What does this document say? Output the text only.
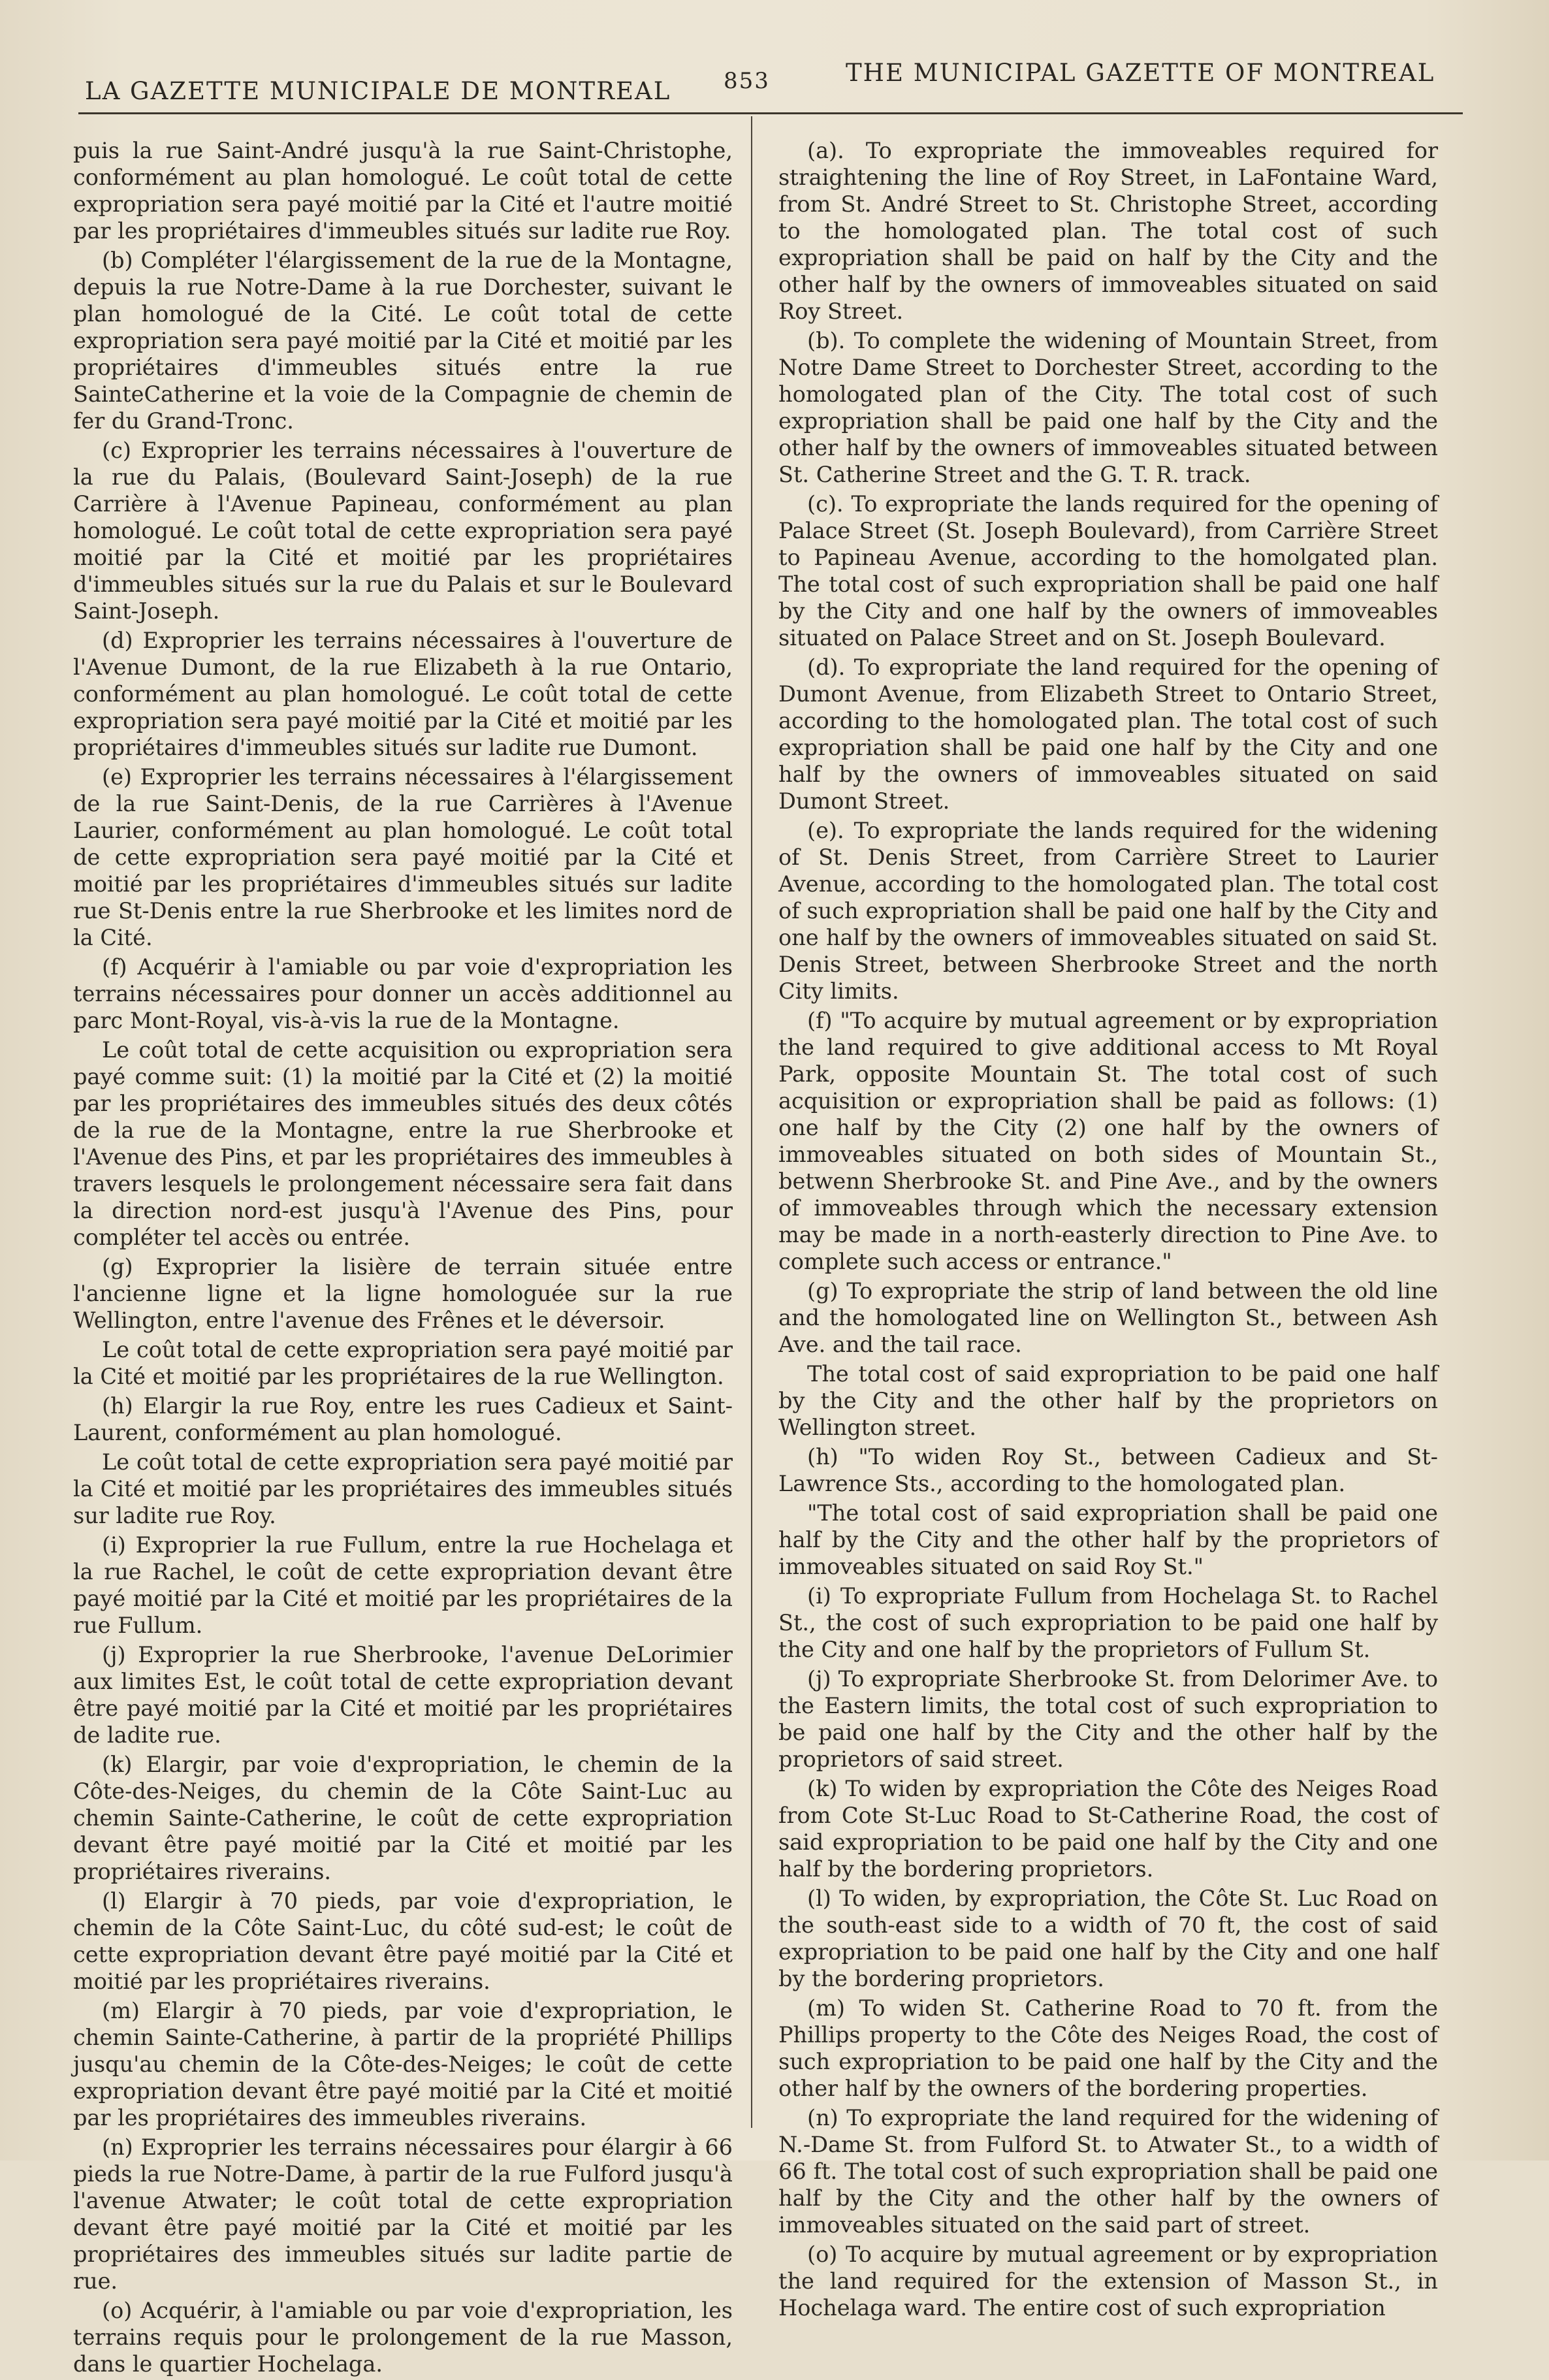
LA GAZETTE MUNICIPALE DE MONTREAL 853	THE MUNICIPAL GAZETTE OF MONTREAL

puis la rue Saint-André jusqu'à la rue Saint-Christophe, conformément au plan homologué. Le coût total de cette expropriation sera payé moitié par la Cité et l'autre moitié par les propriétaires d'immeubles situés sur ladite rue Roy.

(b) Compléter l'élargissement de la rue de la Montagne, depuis la rue Notre-Dame à la rue Dorchester, suivant le plan homologué de la Cité. Le coût total de cette expropriation sera payé moitié par la Cité et moitié par les propriétaires d'immeubles situés entre la rue SainteCatherine et la voie de la Compagnie de chemin de fer du Grand-Tronc.

(c) Exproprier les terrains nécessaires à l'ouverture de la rue du Palais, (Boulevard Saint-Joseph) de la rue Carrière à l'Avenue Papineau, conformément au plan homologué. Le coût total de cette expropriation sera payé moitié par la Cité et moitié par les propriétaires d'immeubles situés sur la rue du Palais et sur le Boulevard Saint-Joseph.

(d) Exproprier les terrains nécessaires à l'ouverture de l'Avenue Dumont, de la rue Elizabeth à la rue Ontario, conformément au plan homologué. Le coût total de cette expropriation sera payé moitié par la Cité et moitié par les propriétaires d'immeubles situés sur ladite rue Dumont.

(e) Exproprier les terrains nécessaires à l'élargissement de la rue Saint-Denis, de la rue Carrières à l'Avenue Laurier, conformément au plan homologué. Le coût total de cette expropriation sera payé moitié par la Cité et moitié par les propriétaires d'immeubles situés sur ladite rue St-Denis entre la rue Sherbrooke et les limites nord de la Cité.

(f) Acquérir à l'amiable ou par voie d'expropriation les terrains nécessaires pour donner un accès additionnel au parc Mont-Royal, vis-à-vis la rue de la Montagne.

Le coût total de cette acquisition ou expropriation sera payé comme suit: (1) la moitié par la Cité et (2) la moitié par les propriétaires des immeubles situés des deux côtés de la rue de la Montagne, entre la rue Sherbrooke et l'Avenue des Pins, et par les propriétaires des immeubles à travers lesquels le prolongement nécessaire sera fait dans la direction nord-est jusqu'à l'Avenue des Pins, pour compléter tel accès ou entrée.

(g) Exproprier la lisière de terrain située entre l'ancienne ligne et la ligne homologuée sur la rue Wellington, entre l'avenue des Frênes et le déversoir.

Le coût total de cette expropriation sera payé moitié par la Cité et moitié par les propriétaires de la rue Wellington.

(h) Elargir la rue Roy, entre les rues Cadieux et Saint-Laurent, conformément au plan homologué.

Le coût total de cette expropriation sera payé moitié par la Cité et moitié par les propriétaires des immeubles situés sur ladite rue Roy.

(i) Exproprier la rue Fullum, entre la rue Hochelaga et la rue Rachel, le coût de cette expropriation devant être payé moitié par la Cité et moitié par les propriétaires de la rue Fullum.

(j) Exproprier la rue Sherbrooke, l'avenue DeLorimier aux limites Est, le coût total de cette expropriation devant être payé moitié par la Cité et moitié par les propriétaires de ladite rue.

(k) Elargir, par voie d'expropriation, le chemin de la Côte-des-Neiges, du chemin de la Côte Saint-Luc au chemin Sainte-Catherine, le coût de cette expropriation devant être payé moitié par la Cité et moitié par les propriétaires riverains.

(l) Elargir à 70 pieds, par voie d'expropriation, le chemin de la Côte Saint-Luc, du côté sud-est; le coût de cette expropriation devant être payé moitié par la Cité et moitié par les propriétaires riverains.

(m) Elargir à 70 pieds, par voie d'expropriation, le chemin Sainte-Catherine, à partir de la propriété Phillips jusqu'au chemin de la Côte-des-Neiges; le coût de cette expropriation devant être payé moitié par la Cité et moitié par les propriétaires des immeubles riverains.

(n) Exproprier les terrains nécessaires pour élargir à 66 pieds la rue Notre-Dame, à partir de la rue Fulford jusqu'à l'avenue Atwater; le coût total de cette expropriation devant être payé moitié par la Cité et moitié par les propriétaires des immeubles situés sur ladite partie de rue.

(o) Acquérir, à l'amiable ou par voie d'expropriation, les terrains requis pour le prolongement de la rue Masson, dans le quartier Hochelaga.

(a). To expropriate the immoveables required for straightening the line of Roy Street, in LaFontaine Ward, from St. André Street to St. Christophe Street, according to the homologated plan. The total cost of such expropriation shall be paid on half by the City and the other half by the owners of immoveables situated on said Roy Street.

(b). To complete the widening of Mountain Street, from Notre Dame Street to Dorchester Street, according to the homologated plan of the City. The total cost of such expropriation shall be paid one half by the City and the other half by the owners of immoveables situated between St. Catherine Street and the G. T. R. track.

(c). To expropriate the lands required for the opening of Palace Street (St. Joseph Boulevard), from Carrière Street to Papineau Avenue, according to the homolgated plan. The total cost of such expropriation shall be paid one half by the City and one half by the owners of immoveables situated on Palace Street and on St. Joseph Boulevard.

(d). To expropriate the land required for the opening of Dumont Avenue, from Elizabeth Street to Ontario Street, according to the homologated plan. The total cost of such expropriation shall be paid one half by the City and one half by the owners of immoveables situated on said Dumont Street.

(e). To expropriate the lands required for the widening of St. Denis Street, from Carrière Street to Laurier Avenue, according to the homologated plan. The total cost of such expropriation shall be paid one half by the City and one half by the owners of immoveables situated on said St. Denis Street, between Sherbrooke Street and the north City limits.

(f) "To acquire by mutual agreement or by expropriation the land required to give additional access to Mt Royal Park, opposite Mountain St. The total cost of such acquisition or expropriation shall be paid as follows: (1) one half by the City (2) one half by the owners of immoveables situated on both sides of Mountain St., betwenn Sherbrooke St. and Pine Ave., and by the owners of immoveables through which the necessary extension may be made in a north-easterly direction to Pine Ave. to complete such access or entrance."

(g) To expropriate the strip of land between the old line and the homologated line on Wellington St., between Ash Ave. and the tail race.

The total cost of said expropriation to be paid one half by the City and the other half by the proprietors on Wellington street.

(h) "To widen Roy St., between Cadieux and St-Lawrence Sts., according to the homologated plan.

"The total cost of said expropriation shall be paid one half by the City and the other half by the proprietors of immoveables situated on said Roy St."

(i) To expropriate Fullum from Hochelaga St. to Rachel St., the cost of such expropriation to be paid one half by the City and one half by the proprietors of Fullum St.

(j) To expropriate Sherbrooke St. from Delorimer Ave. to the Eastern limits, the total cost of such expropriation to be paid one half by the City and the other half by the proprietors of said street.

(k) To widen by expropriation the Côte des Neiges Road from Cote St-Luc Road to St-Catherine Road, the cost of said expropriation to be paid one half by the City and one half by the bordering proprietors.

(l) To widen, by expropriation, the Côte St. Luc Road on the south-east side to a width of 70 ft, the cost of said expropriation to be paid one half by the City and one half by the bordering proprietors.

(m) To widen St. Catherine Road to 70 ft. from the Phillips property to the Côte des Neiges Road, the cost of such expropriation to be paid one half by the City and the other half by the owners of the bordering properties.

(n) To expropriate the land required for the widening of N.-Dame St. from Fulford St. to Atwater St., to a width of 66 ft. The total cost of such expropriation shall be paid one half by the City and the other half by the owners of immoveables situated on the said part of street.

(o) To acquire by mutual agreement or by expropriation the land required for the extension of Masson St., in Hochelaga ward. The entire cost of such expropriation
